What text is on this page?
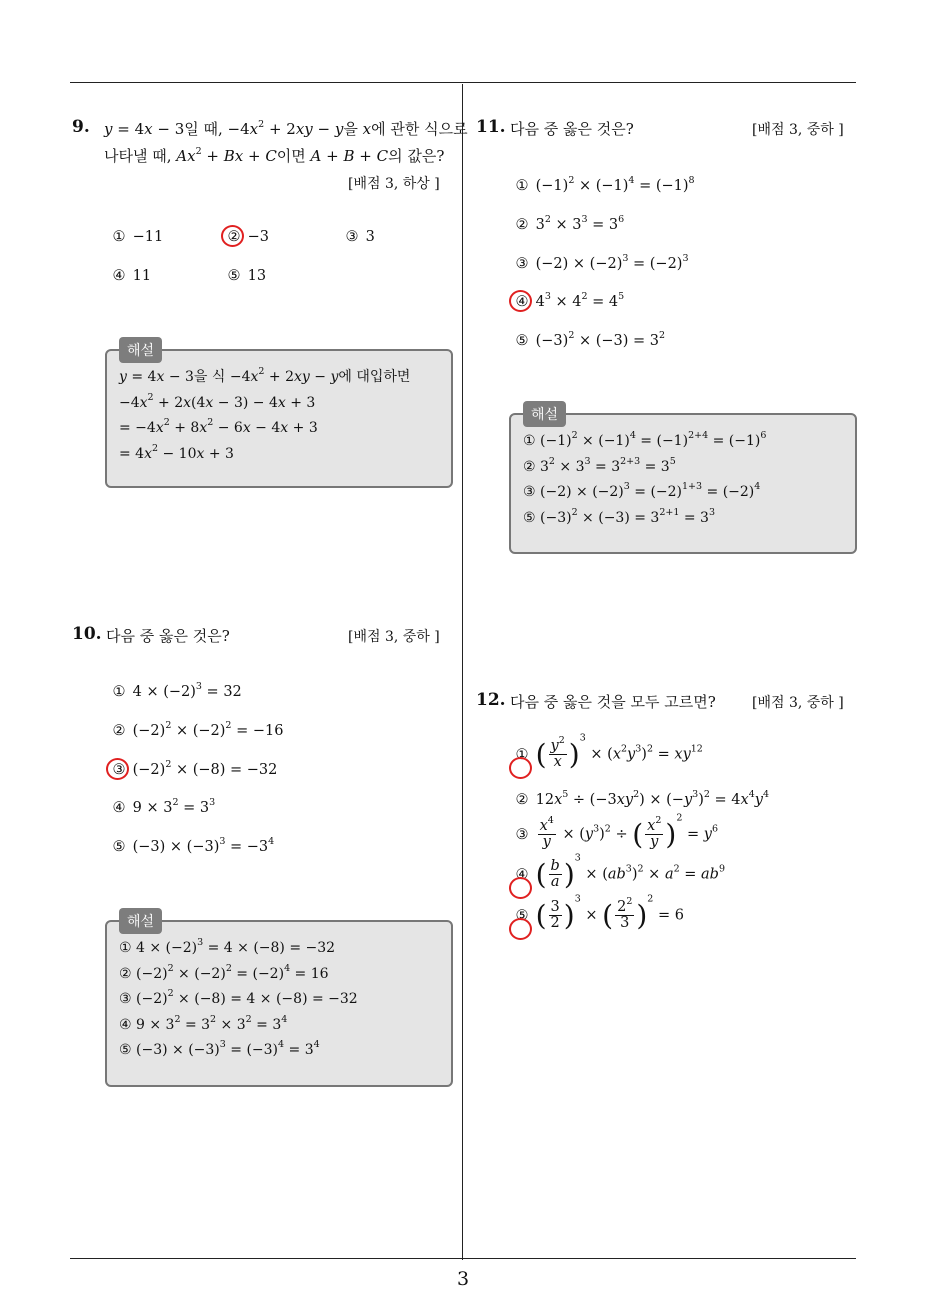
3
9. y = 4x − 3일 때, $-4x^2 + 2xy - y$을 x에 관한 식으로
나타낼 때, $Ax^2 + Bx + C$이면 A + B + C의 값은?
[배점 3, 하상 ]
① −11	② −3	③ 3
④ 11	⑤ 13
해설
y = 4x − 3을 식 $-4x^2 + 2xy - y$에 대입하면
$-4x^2 + 2x(4x - 3) - 4x + 3$
= $-4x^2 + 8x^2 - 6x - 4x + 3$
= $4x^2 - 10x + 3$
10. 다음 중 옳은 것은?	[배점 3, 중하 ]
① $4 \times (-2)^3 = 32$
② $(-2)^2 \times (-2)^2 = -16$
③ $(-2)^2 \times (-8) = -32$
④ $9 \times 3^2 = 3^3$
⑤ $(-3) \times (-3)^3 = -3^4$
해설
① $4 \times (-2)^3 = 4 \times (-8) = -32$
② $(-2)^2 \times (-2)^2 = (-2)^4 = 16$
③ $(-2)^2 \times (-8) = 4 \times (-8) = -32$
④ $9 \times 3^2 = 3^2 \times 3^2 = 3^4$
⑤ $(-3) \times (-3)^3 = (-3)^4 = 3^4$
11. 다음 중 옳은 것은?	[배점 3, 중하 ]
① $(-1)^2 \times (-1)^4 = (-1)^8$
② $3^2 \times 3^3 = 3^6$
③ $(-2) \times (-2)^3 = (-2)^3$
④ $4^3 \times 4^2 = 4^5$
⑤ $(-3)^2 \times (-3) = 3^2$
해설
① $(-1)^2 \times (-1)^4 = (-1)^{2+4} = (-1)^6$
② $3^2 \times 3^3 = 3^{2+3} = 3^5$
③ $(-2) \times (-2)^3 = (-2)^{1+3} = (-2)^4$
⑤ $(-3)^2 \times (-3) = 3^{2+1} = 3^3$
12. 다음 중 옳은 것을 모두 고르면?	[배점 3, 중하 ]
① ( $\frac{y^2}{x} )^3 \times (x^2y^3)^2 = xy^{12}$
② $12x^5 \div (-3xy^2) \times (-y^3)^2 = 4x^4y^4$
③ $\frac{x^4}{y} \times (y^3)^2$ ÷ ( $\frac{x^2}{y} )^2 = y^6$
④ ( $\frac{b}{a} )^3 \times (ab^3)^2 \times a^2 = ab^9$
⑤ ( $\frac{3}{2} )^3$ × ( $\frac{2^2}{3} )^2 = 6$
